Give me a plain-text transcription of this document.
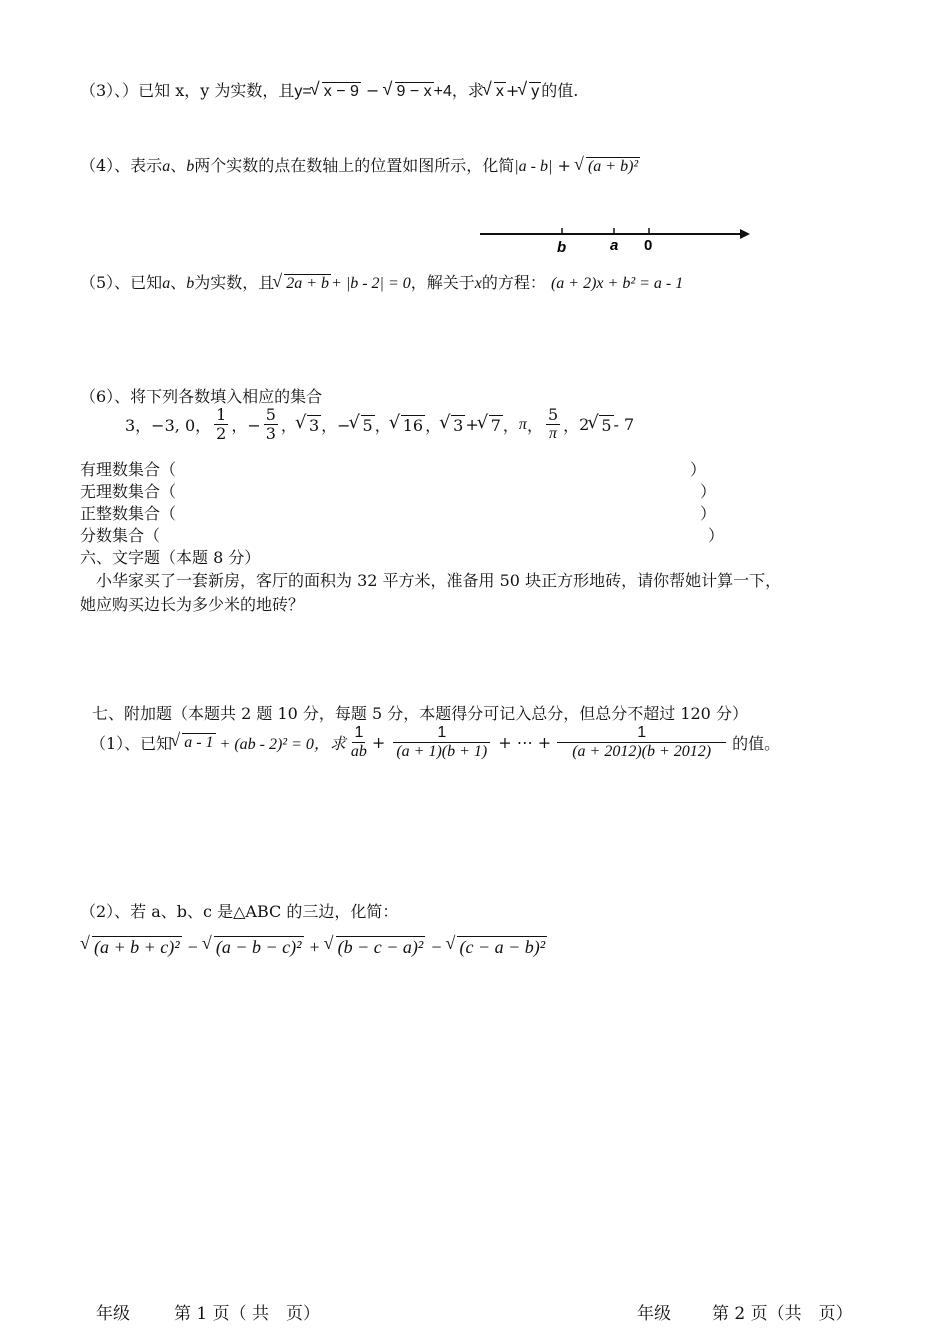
（3）、）已知 x，y 为实数，且y= √ x − 9 − √ 9 − x +4，求 √ x + √ y 的值.
（4）、表示a、b两个实数的点在数轴上的位置如图所示，化简|a - b| + √ (a + b)²
b	a 0
（5）、已知a、b为实数，且 √ 2a + b + |b - 2| = 0，解关于x的方程： (a + 2)x + b² = a - 1
（6）、将下列各数填入相应的集合
3，−3, 0， $\frac{1}{2}$ ，− $\frac{5}{3}$ ， √ 3 ，− √ 5 ， √ 16 ， √ 3 + √ 7 ， π ， $\frac{5}{\pi}$ ， 2 √ 5 - 7
有理数集合（	）
无理数集合（	）
正整数集合（	）
分数集合（	）
六、文字题（本题 8 分）
小华家买了一套新房，客厅的面积为 32 平方米，准备用 50 块正方形地砖，请你帮她计算一下，
她应购买边长为多少米的地砖？
七、附加题（本题共 2 题 10 分，每题 5 分，本题得分可记入总分，但总分不超过 120 分）
（1）、已知 √ a - 1 + (ab - 2)² = 0，求 $\frac{1}{ab} + \frac{1}{(a + 1)(b + 1)}$ + ⋯ + $\frac{1}{(a + 2012)(b + 2012)}$ 的值。
（2）、若 a、b、c 是△ABC 的三边，化简：
√ (a + b + c)² −	√ (a − b − c)² +	√ (b − c − a)² −	√ (c − a − b)²
年级	第 1 页（ 共　页）	年级 第 2 页（共　页）
